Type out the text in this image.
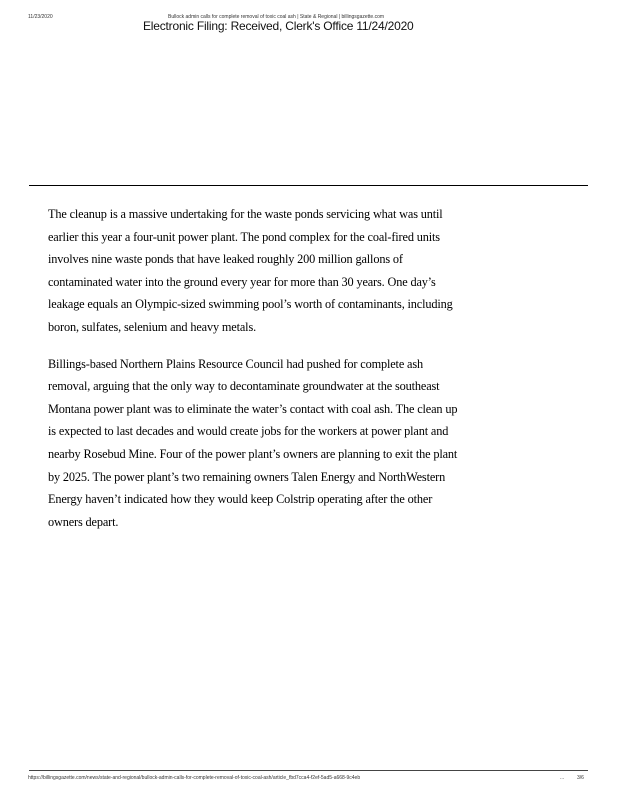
11/23/2020	Bullock admin calls for complete removal of toxic coal ash | State & Regional | billingsgazette.com
Electronic Filing: Received, Clerk's Office 11/24/2020

The cleanup is a massive undertaking for the waste ponds servicing what was until
earlier this year a four-unit power plant. The pond complex for the coal-fired units
involves nine waste ponds that have leaked roughly 200 million gallons of
contaminated water into the ground every year for more than 30 years. One day’s
leakage equals an Olympic-sized swimming pool’s worth of contaminants, including
boron, sulfates, selenium and heavy metals.

Billings-based Northern Plains Resource Council had pushed for complete ash
removal, arguing that the only way to decontaminate groundwater at the southeast
Montana power plant was to eliminate the water’s contact with coal ash. The clean up
is expected to last decades and would create jobs for the workers at power plant and
nearby Rosebud Mine. Four of the power plant’s owners are planning to exit the plant
by 2025. The power plant’s two remaining owners Talen Energy and NorthWestern
Energy haven’t indicated how they would keep Colstrip operating after the other
owners depart.

https://billingsgazette.com/news/state-and-regional/bullock-admin-calls-for-complete-removal-of-toxic-coal-ash/article_fbd7cca4-f2ef-5ad5-a668-9c4eb	...	3/6
